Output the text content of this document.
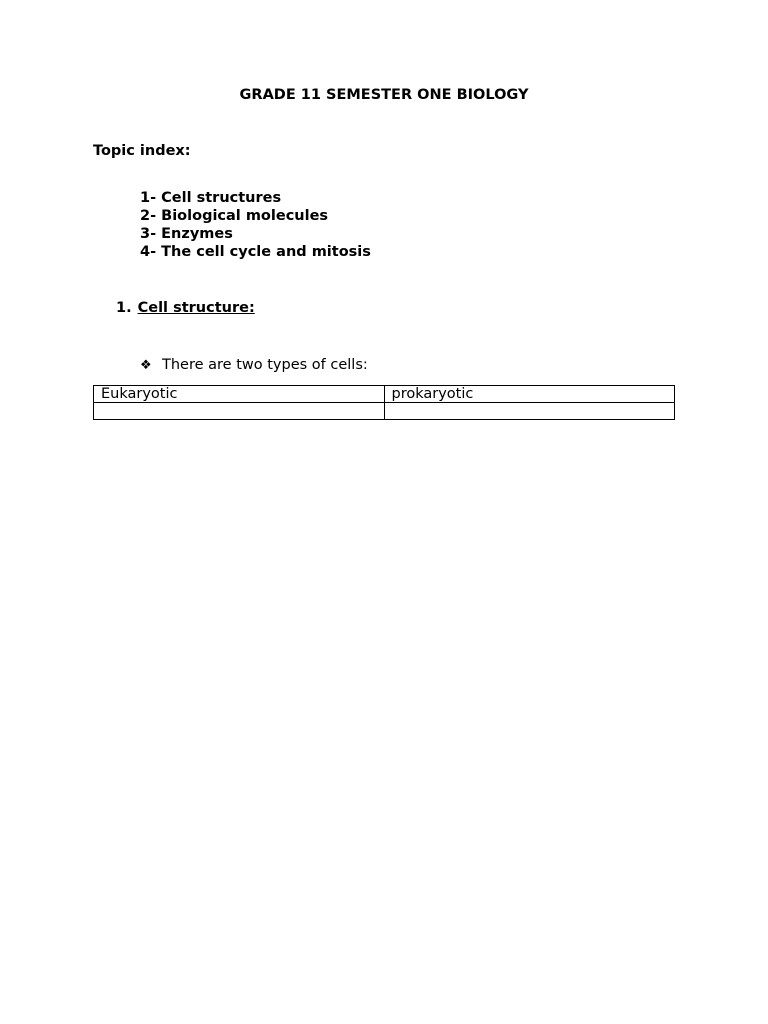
GRADE 11 SEMESTER ONE BIOLOGY
Topic index:
1- Cell structures
2- Biological molecules
3- Enzymes
4- The cell cycle and mitosis
1. Cell structure:
❖ There are two types of cells:
Eukaryotic	prokaryotic
